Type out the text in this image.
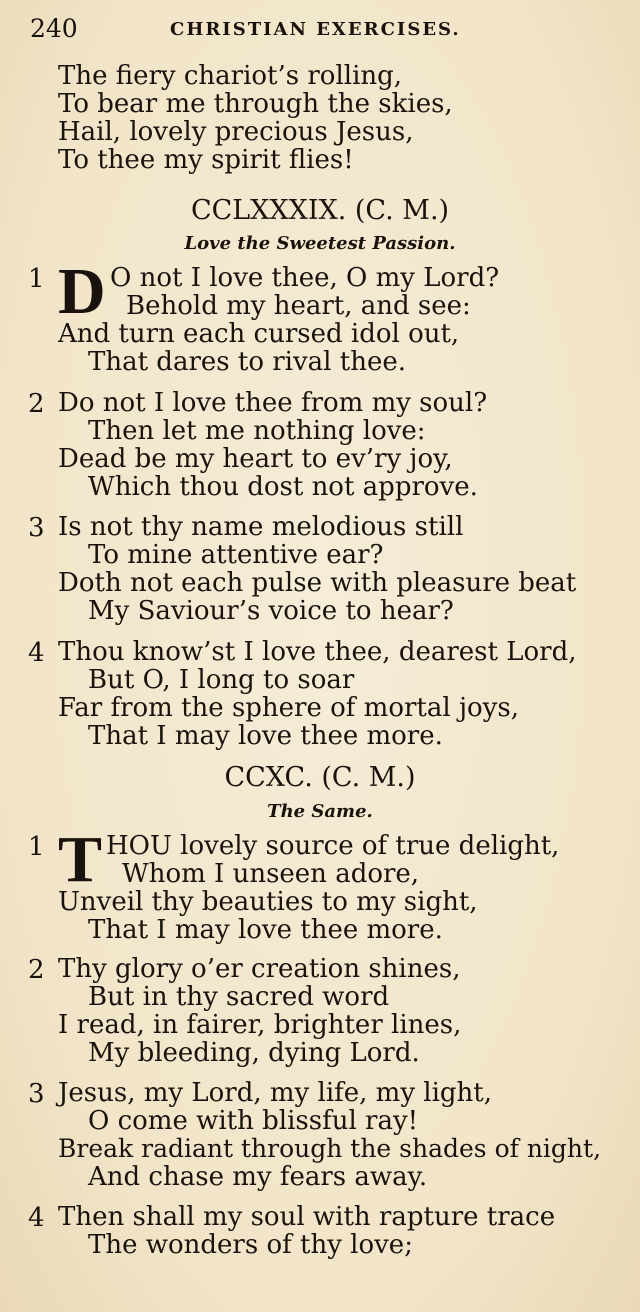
240	CHRISTIAN EXERCISES.
The fiery chariot’s rolling,
To bear me through the skies,
Hail, lovely precious Jesus,
To thee my spirit flies!
CCLXXXIX. (C. M.)
Love the Sweetest Passion.
1 D O not I love thee, O my Lord?
Behold my heart, and see:
And turn each cursed idol out,
That dares to rival thee.
2 Do not I love thee from my soul?
Then let me nothing love:
Dead be my heart to ev’ry joy,
Which thou dost not approve.
3 Is not thy name melodious still
To mine attentive ear?
Doth not each pulse with pleasure beat
My Saviour’s voice to hear?
4 Thou know’st I love thee, dearest Lord,
But O, I long to soar
Far from the sphere of mortal joys,
That I may love thee more.
CCXC. (C. M.)
The Same.
1 T HOU lovely source of true delight,
Whom I unseen adore,
Unveil thy beauties to my sight,
That I may love thee more.
2 Thy glory o’er creation shines,
But in thy sacred word
I read, in fairer, brighter lines,
My bleeding, dying Lord.
3 Jesus, my Lord, my life, my light,
O come with blissful ray!
Break radiant through the shades of night,
And chase my fears away.
4 Then shall my soul with rapture trace
The wonders of thy love;
